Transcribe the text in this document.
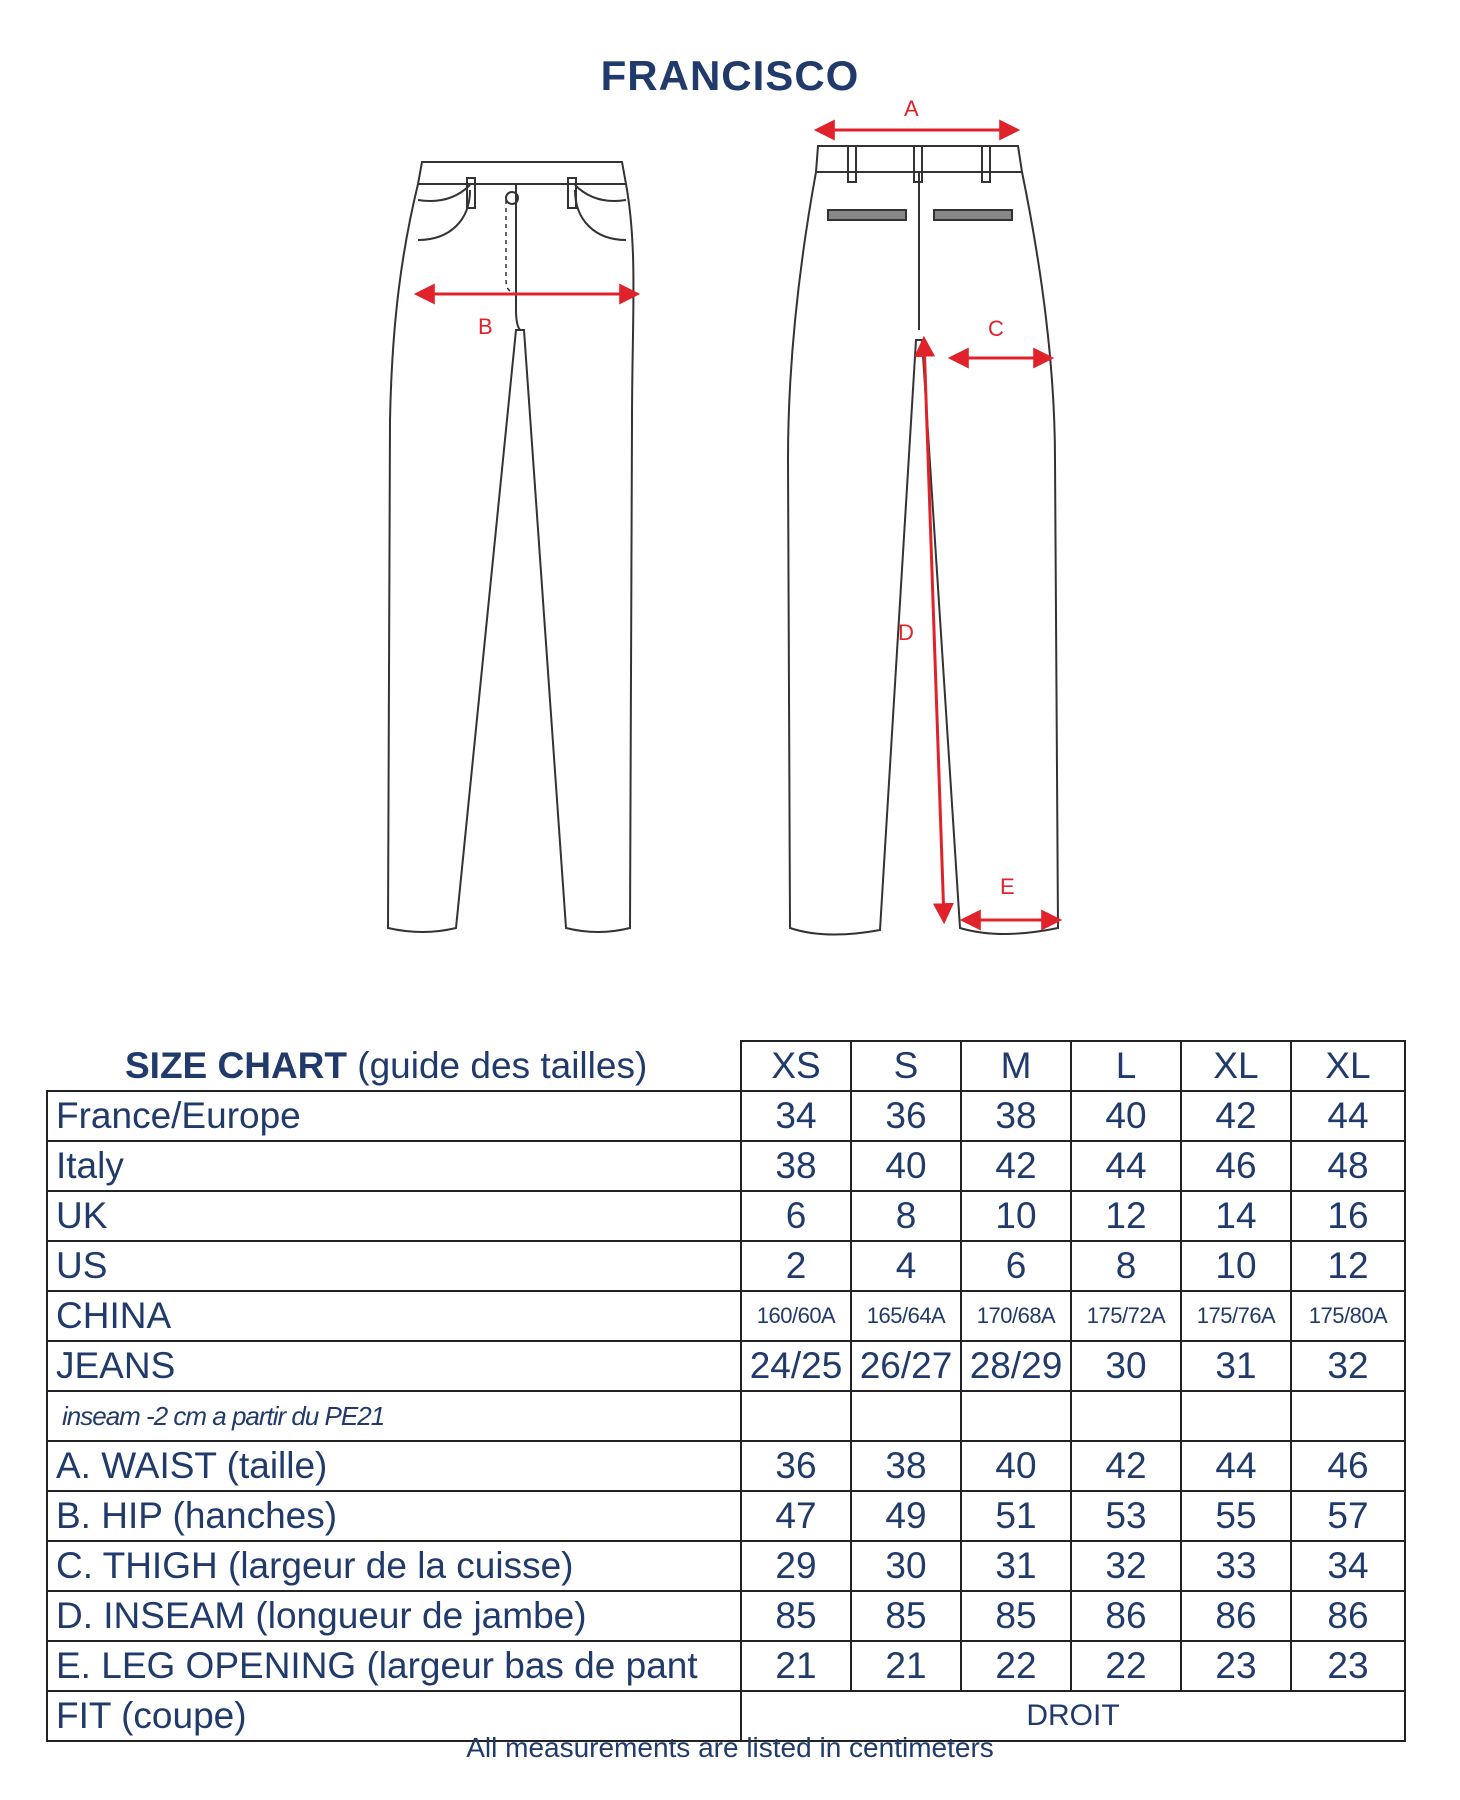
FRANCISCO
A
B	C
D
E
SIZE CHART (guide des tailles)	XS	S	M	L	XL	XL
France/Europe	34	36	38	40	42	44
Italy	38	40	42	44	46	48
UK	6	8	10	12	14	16
US	2	4	6	8	10	12
CHINA	160/60A	165/64A	170/68A	175/72A	175/76A	175/80A
JEANS	24/25	26/27	28/29	30	31	32
inseam -2 cm a partir du PE21						
A. WAIST (taille)	36	38	40	42	44	46
B. HIP (hanches)	47	49	51	53	55	57
C. THIGH (largeur de la cuisse)	29	30	31	32	33	34
D. INSEAM (longueur de jambe)	85	85	85	86	86	86
E. LEG OPENING (largeur bas de pant	21	21	22	22	23	23
FIT (coupe)	DROIT					
All measurements are listed in centimeters
